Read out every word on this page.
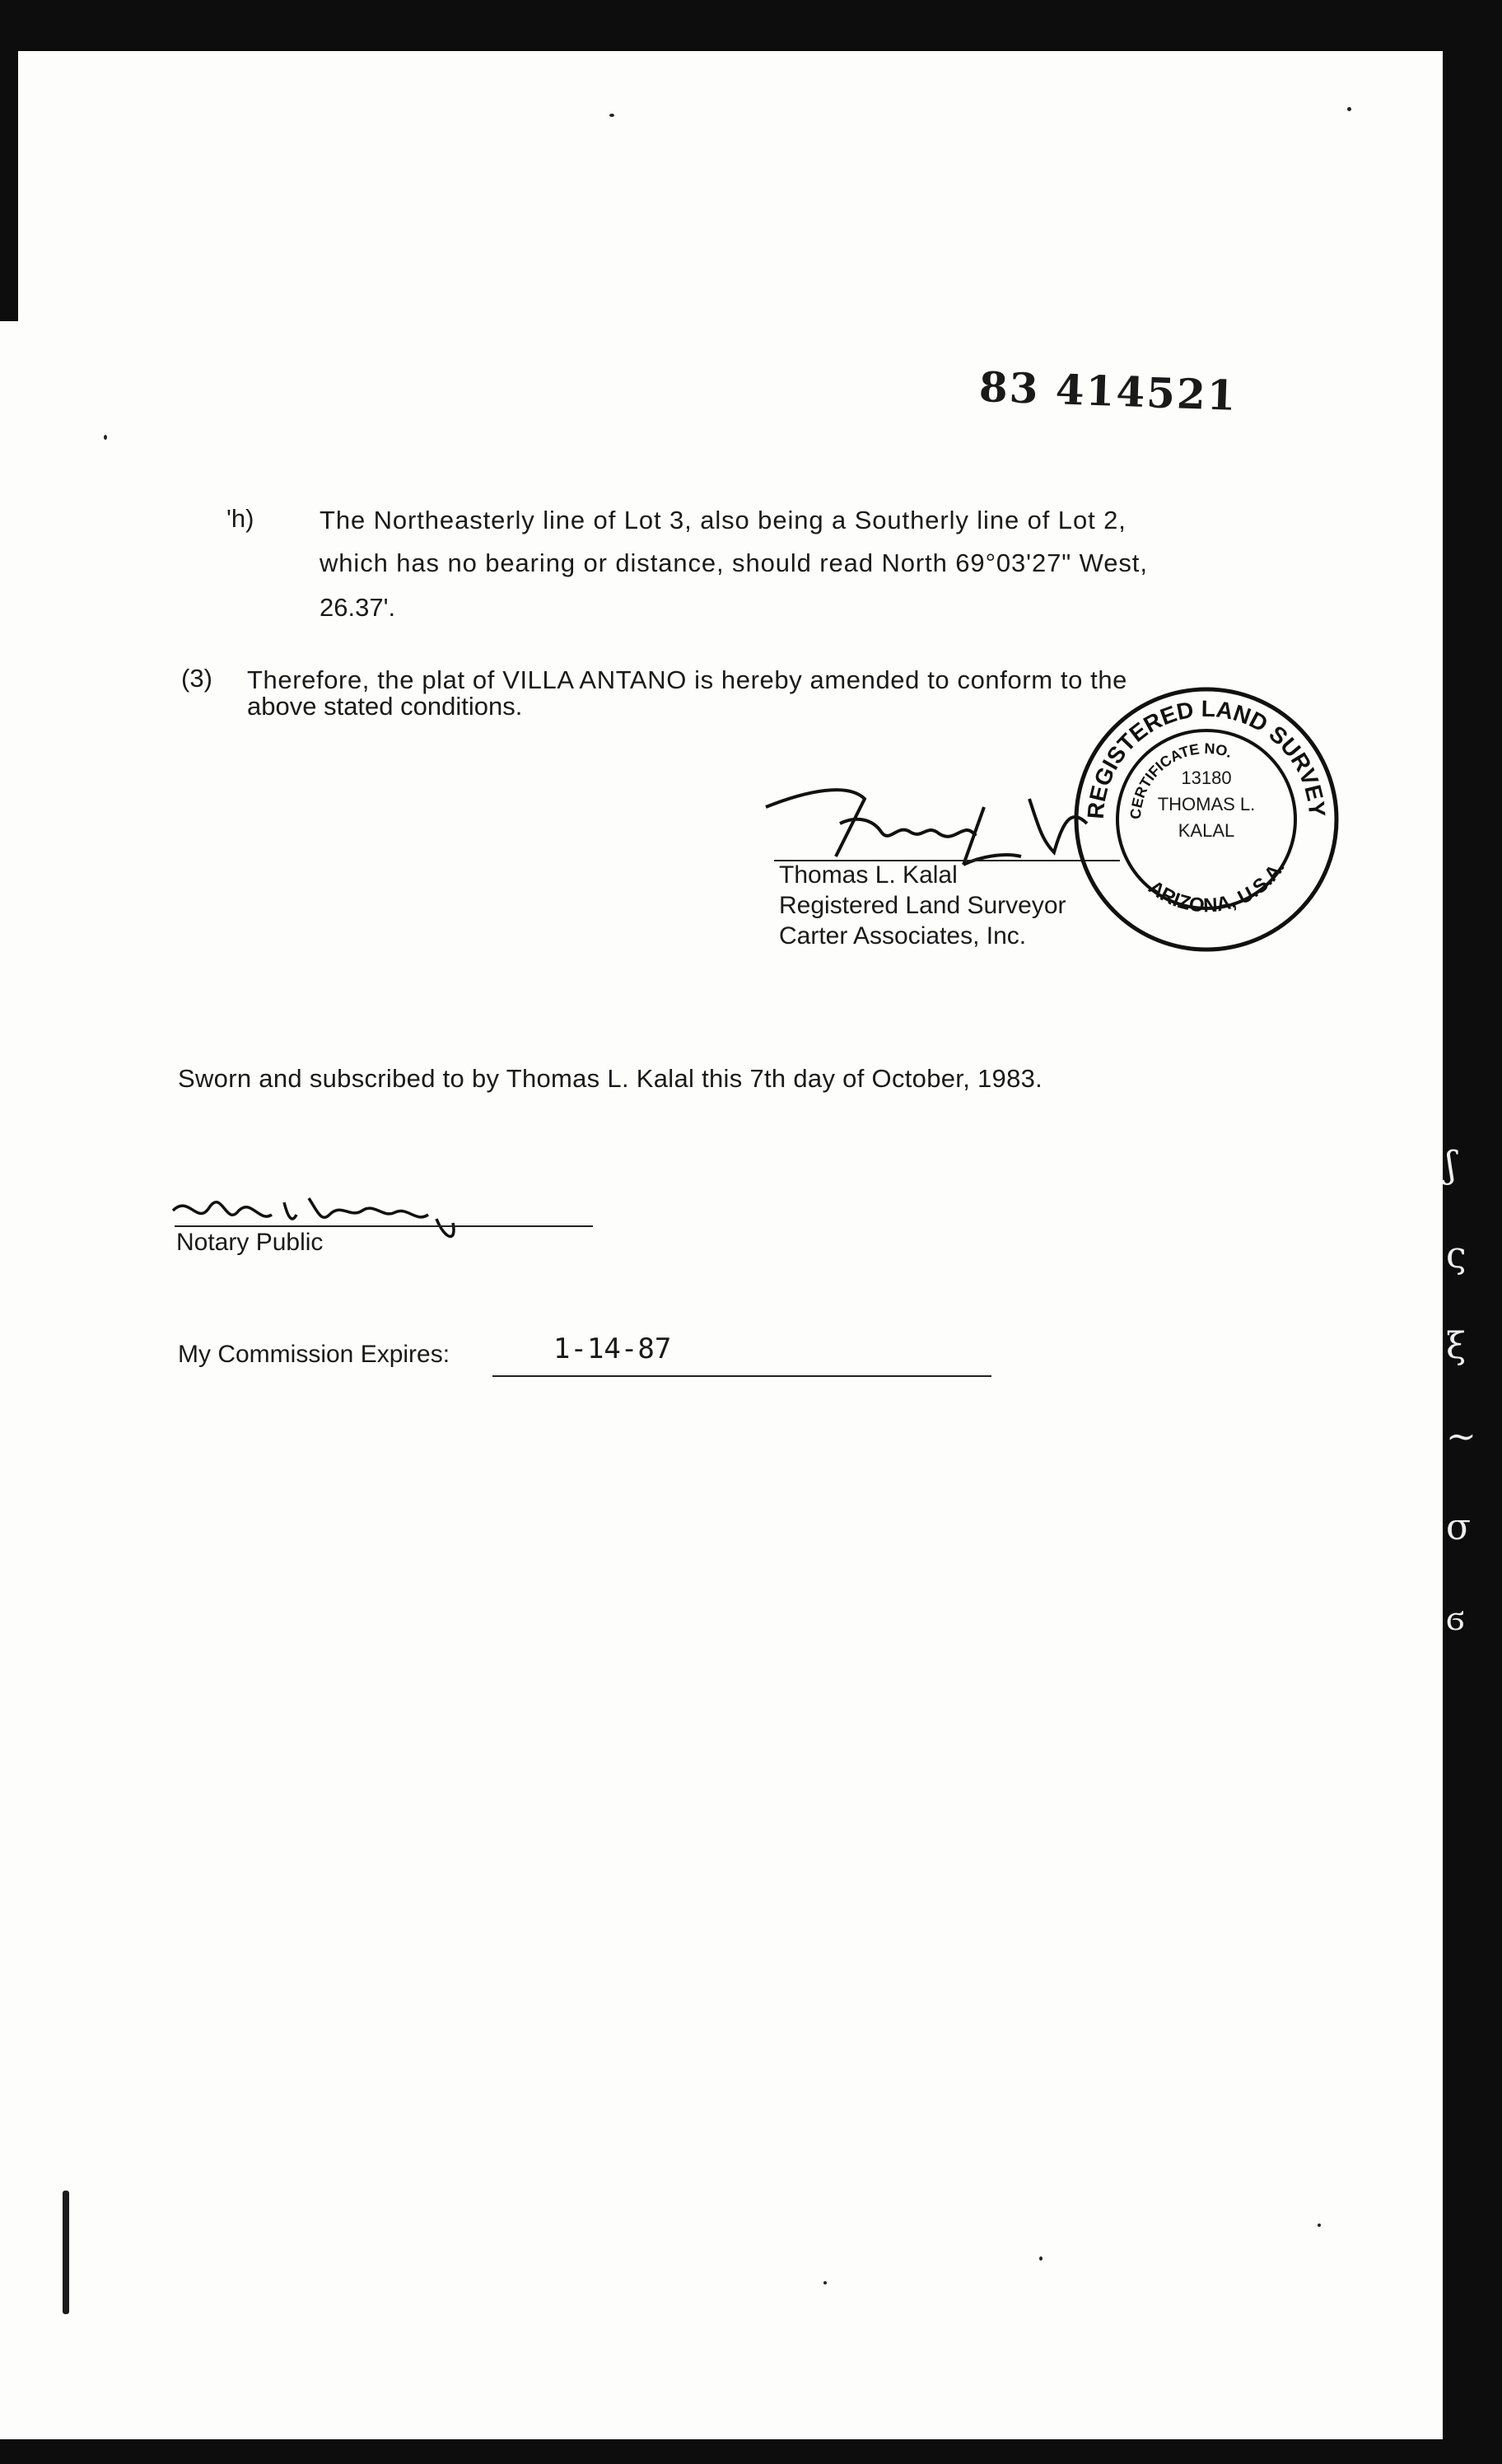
ʃ
ς
ξ
~
σ
ϭ
83 414521
'h)	The Northeasterly line of Lot 3, also being a Southerly line of Lot 2,
which has no bearing or distance, should read North 69°03'27" West,
26.37'.
(3) Therefore, the plat of VILLA ANTANO is hereby amended to conform to the
above stated conditions.
Thomas L. Kalal
Registered Land Surveyor
Carter Associates, Inc.
REGISTERED LAND SURVEY
CERTIFICATE NO.
ARIZONA, U.S.A.
13180
THOMAS L.
KALAL
Sworn and subscribed to by Thomas L. Kalal this 7th day of October, 1983.
Notary Public
My Commission Expires:	1-14-87
